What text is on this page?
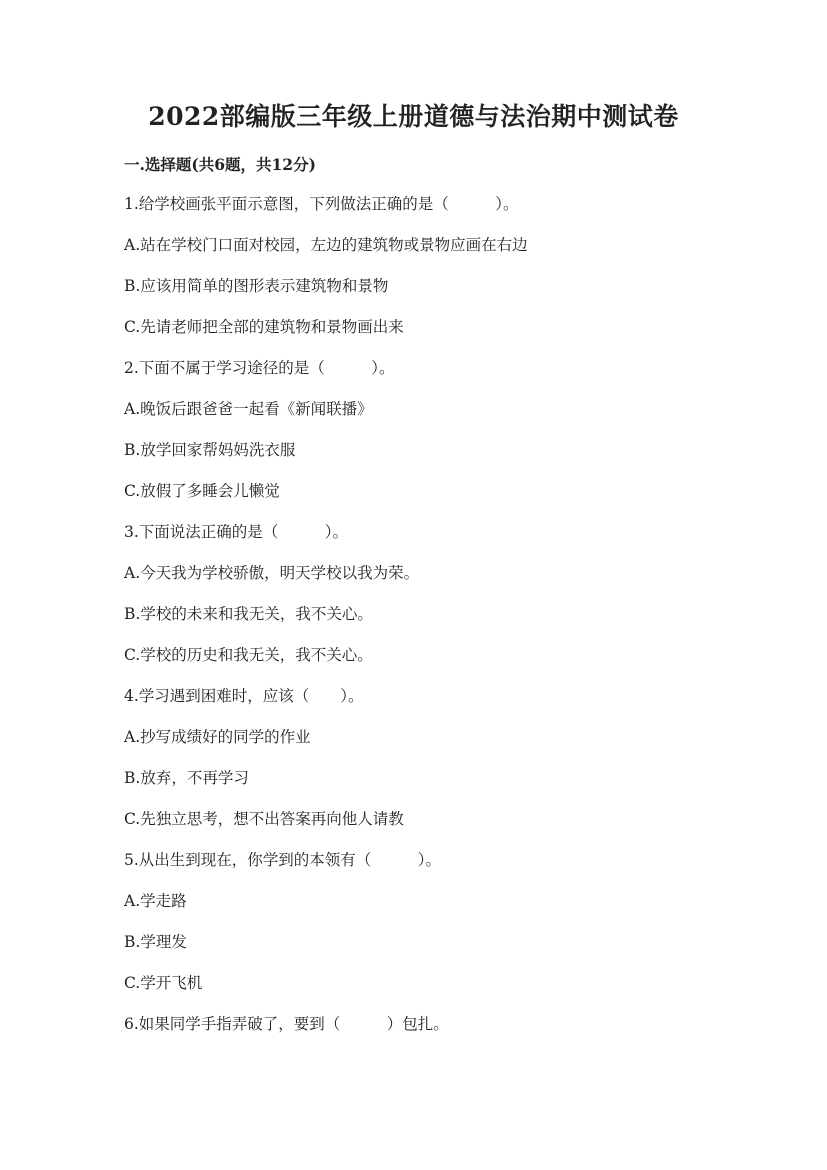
2022部编版三年级上册道德与法治期中测试卷
一.选择题(共6题，共12分)
1.给学校画张平面示意图，下列做法正确的是（　　　）。
A.站在学校门口面对校园，左边的建筑物或景物应画在右边
B.应该用简单的图形表示建筑物和景物
C.先请老师把全部的建筑物和景物画出来
2.下面不属于学习途径的是（　　　）。
A.晚饭后跟爸爸一起看《新闻联播》
B.放学回家帮妈妈洗衣服
C.放假了多睡会儿懒觉
3.下面说法正确的是（　　　）。
A.今天我为学校骄傲，明天学校以我为荣。
B.学校的未来和我无关，我不关心。
C.学校的历史和我无关，我不关心。
4.学习遇到困难时，应该（　　）。
A.抄写成绩好的同学的作业
B.放弃，不再学习
C.先独立思考，想不出答案再向他人请教
5.从出生到现在，你学到的本领有（　　　）。
A.学走路
B.学理发
C.学开飞机
6.如果同学手指弄破了，要到（　　　）包扎。
